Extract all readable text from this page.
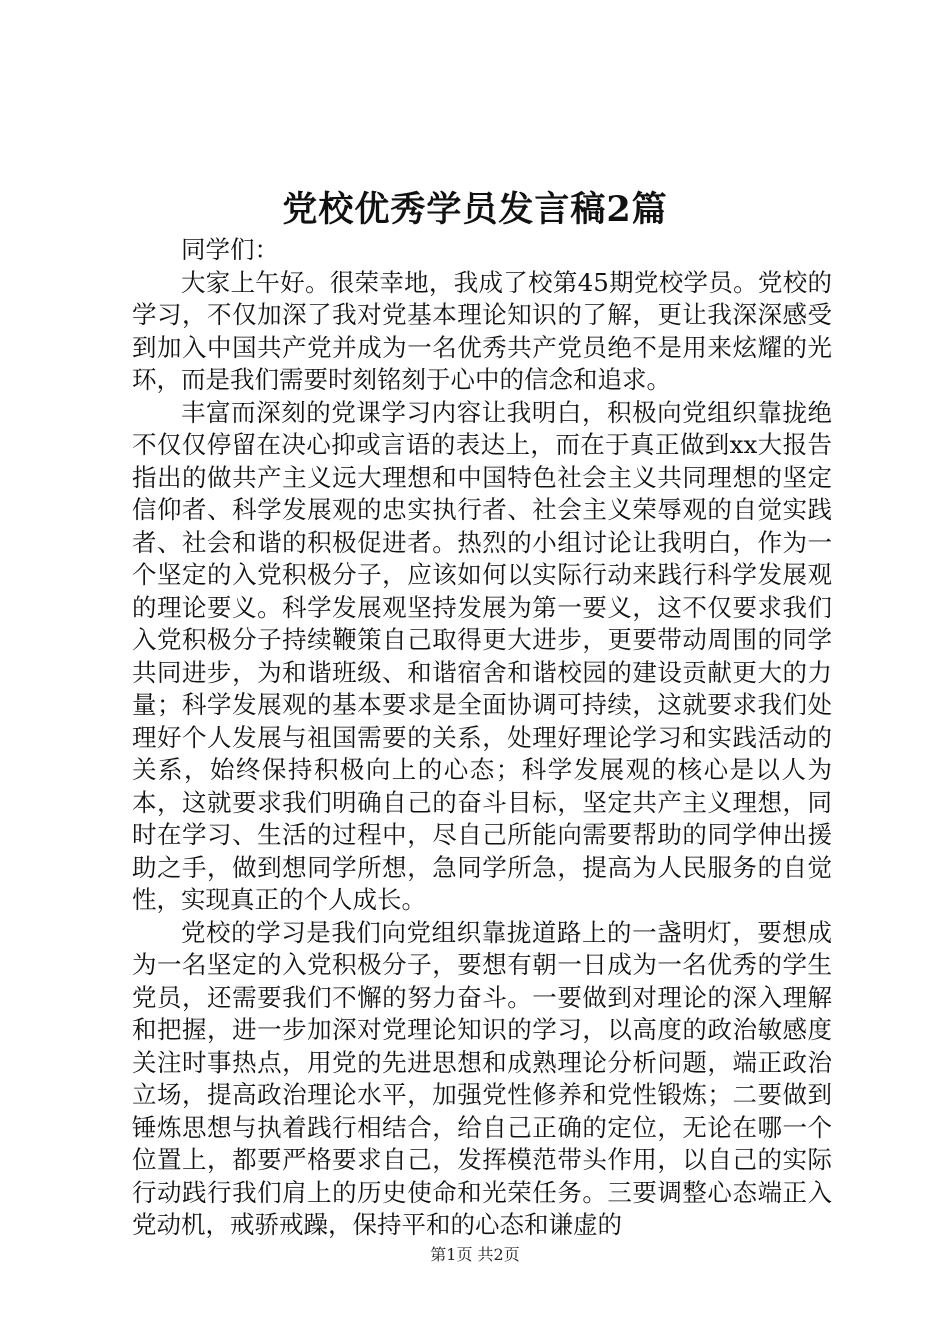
党校优秀学员发言稿2篇

同学们：

大家上午好。很荣幸地，我成了校第45期党校学员。党校的学习，不仅加深了我对党基本理论知识的了解，更让我深深感受到加入中国共产党并成为一名优秀共产党员绝不是用来炫耀的光环，而是我们需要时刻铭刻于心中的信念和追求。

丰富而深刻的党课学习内容让我明白，积极向党组织靠拢绝不仅仅停留在决心抑或言语的表达上，而在于真正做到xx大报告指出的做共产主义远大理想和中国特色社会主义共同理想的坚定信仰者、科学发展观的忠实执行者、社会主义荣辱观的自觉实践者、社会和谐的积极促进者。热烈的小组讨论让我明白，作为一个坚定的入党积极分子，应该如何以实际行动来践行科学发展观的理论要义。科学发展观坚持发展为第一要义，这不仅要求我们入党积极分子持续鞭策自己取得更大进步，更要带动周围的同学共同进步，为和谐班级、和谐宿舍和谐校园的建设贡献更大的力量；科学发展观的基本要求是全面协调可持续，这就要求我们处理好个人发展与祖国需要的关系，处理好理论学习和实践活动的关系，始终保持积极向上的心态；科学发展观的核心是以人为本，这就要求我们明确自己的奋斗目标，坚定共产主义理想，同时在学习、生活的过程中，尽自己所能向需要帮助的同学伸出援助之手，做到想同学所想，急同学所急，提高为人民服务的自觉性，实现真正的个人成长。

党校的学习是我们向党组织靠拢道路上的一盏明灯，要想成为一名坚定的入党积极分子，要想有朝一日成为一名优秀的学生党员，还需要我们不懈的努力奋斗。一要做到对理论的深入理解和把握，进一步加深对党理论知识的学习，以高度的政治敏感度关注时事热点，用党的先进思想和成熟理论分析问题，端正政治立场，提高政治理论水平，加强党性修养和党性锻炼；二要做到锤炼思想与执着践行相结合，给自己正确的定位，无论在哪一个位置上，都要严格要求自己，发挥模范带头作用，以自己的实际行动践行我们肩上的历史使命和光荣任务。三要调整心态端正入党动机，戒骄戒躁，保持平和的心态和谦虚的

第1页 共2页
